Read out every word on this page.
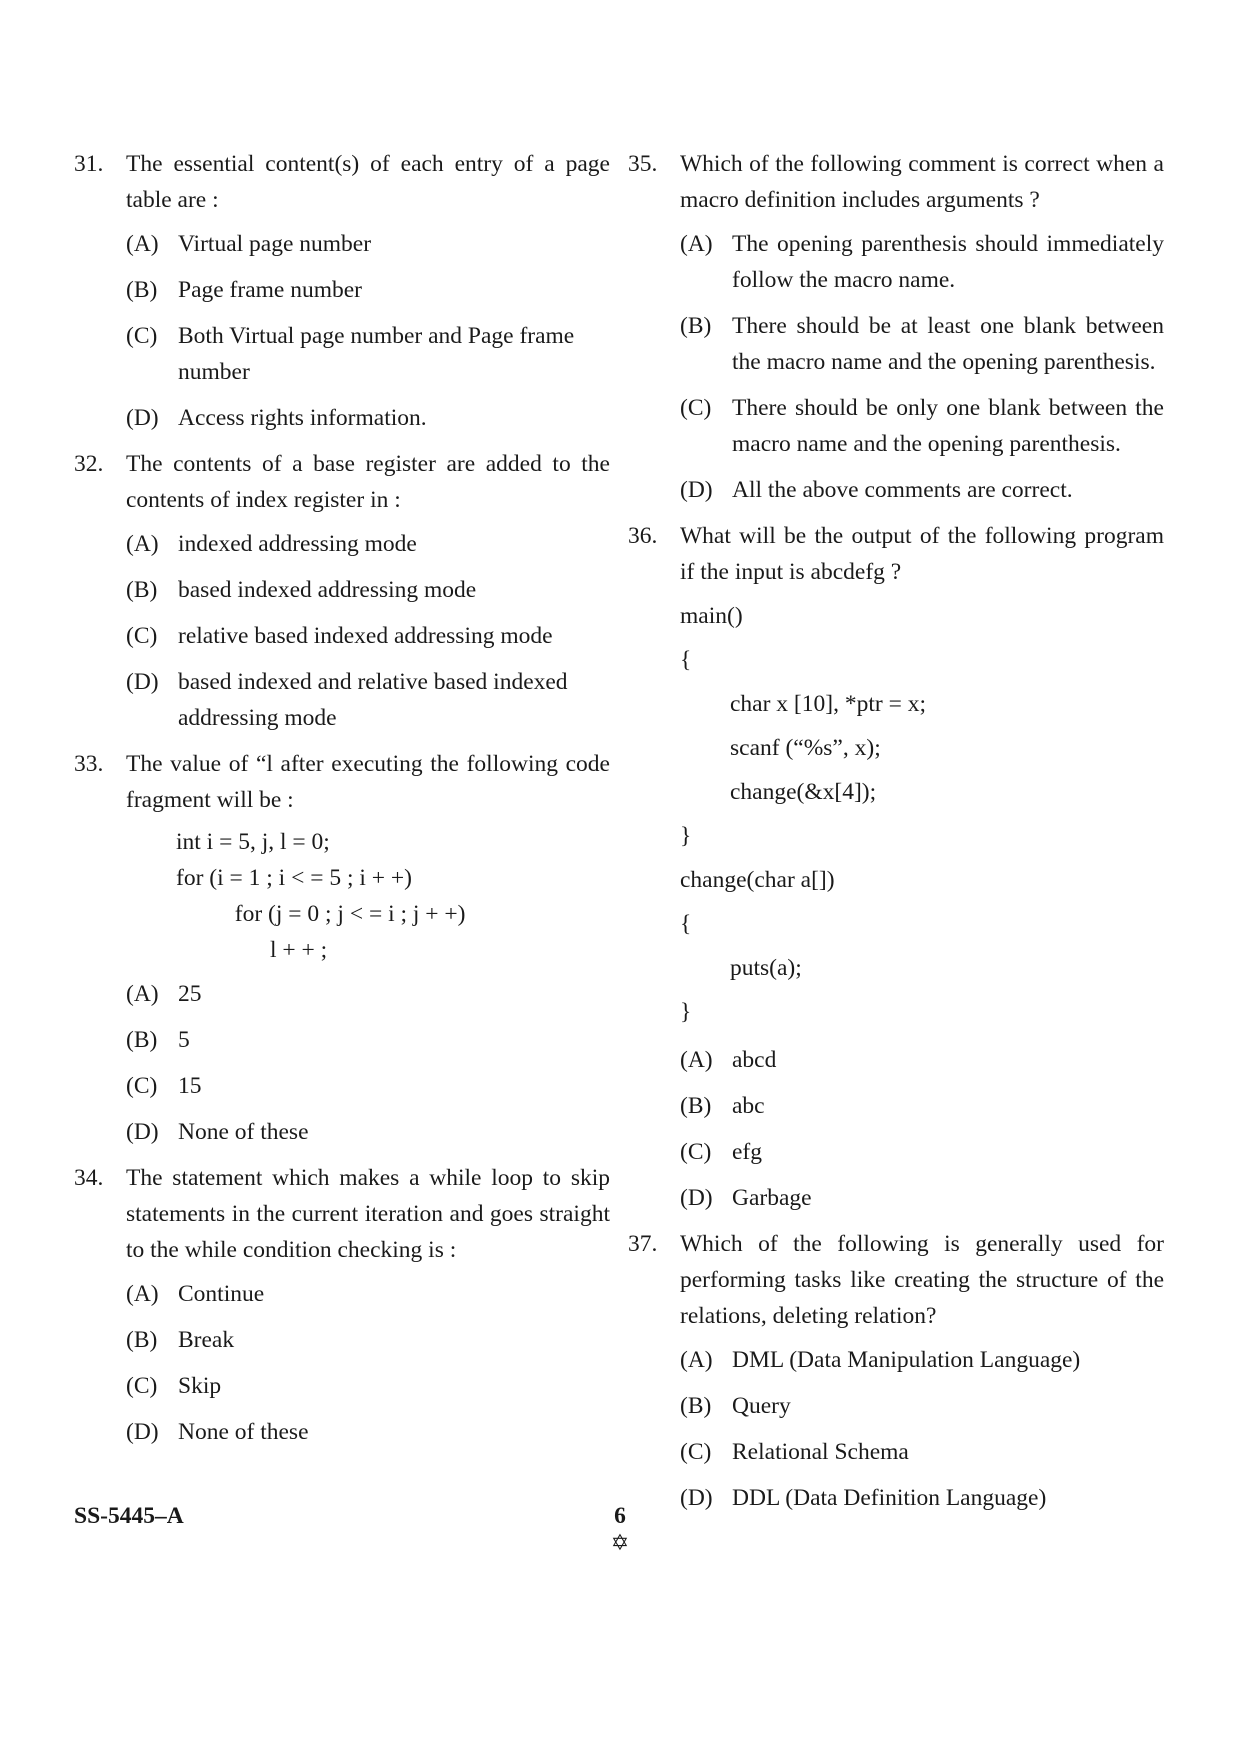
31. The essential content(s) of each entry of a page table are :
(A) Virtual page number
(B) Page frame number
(C) Both Virtual page number and Page frame number
(D) Access rights information.
32. The contents of a base register are added to the contents of index register in :
(A) indexed addressing mode
(B) based indexed addressing mode
(C) relative based indexed addressing mode
(D) based indexed and relative based indexed addressing mode
33. The value of “l after executing the following code fragment will be :
int i = 5, j, l = 0;
for (i = 1 ; i < = 5 ; i + +)
for (j = 0 ; j < = i ; j + +)
l + + ;
(A) 25
(B) 5
(C) 15
(D) None of these
34. The statement which makes a while loop to skip statements in the current iteration and goes straight to the while condition checking is :
(A) Continue
(B) Break
(C) Skip
(D) None of these
35. Which of the following comment is correct when a macro definition includes arguments ?
(A) The opening parenthesis should immediately follow the macro name.
(B) There should be at least one blank between the macro name and the opening parenthesis.
(C) There should be only one blank between the macro name and the opening parenthesis.
(D) All the above comments are correct.
36. What will be the output of the following program if the input is abcdefg ?
main()
{
char x [10], *ptr = x;
scanf (“%s”, x);
change(&x[4]);
}
change(char a[])
{
puts(a);
}
(A) abcd
(B) abc
(C) efg
(D) Garbage
37. Which of the following is generally used for performing tasks like creating the structure of the relations, deleting relation?
(A) DML (Data Manipulation Language)
(B) Query
(C) Relational Schema
(D) DDL (Data Definition Language)
SS-5445–A	6
✡
